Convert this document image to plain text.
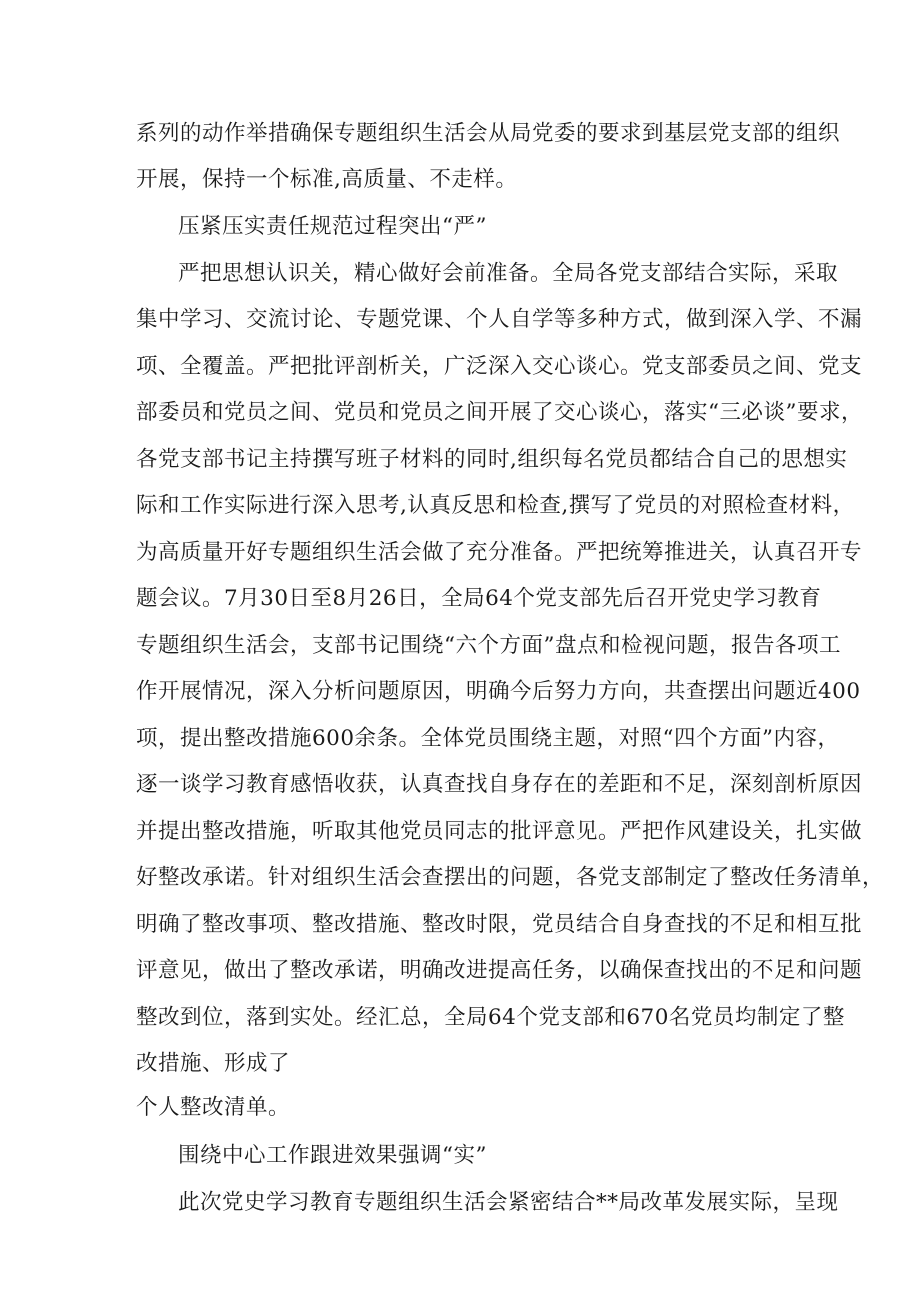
系列的动作举措确保专题组织生活会从局党委的要求到基层党支部的组织
开展，保持一个标准,高质量、不走样。
压紧压实责任规范过程突出“严”
严把思想认识关，精心做好会前准备。全局各党支部结合实际，采取
集中学习、交流讨论、专题党课、个人自学等多种方式，做到深入学、不漏
项、全覆盖。严把批评剖析关，广泛深入交心谈心。党支部委员之间、党支
部委员和党员之间、党员和党员之间开展了交心谈心，落实“三必谈”要求，
各党支部书记主持撰写班子材料的同时,组织每名党员都结合自己的思想实
际和工作实际进行深入思考,认真反思和检查,撰写了党员的对照检查材料，
为高质量开好专题组织生活会做了充分准备。严把统筹推进关，认真召开专
题会议。7月30日至8月26日，全局64个党支部先后召开党史学习教育
专题组织生活会，支部书记围绕“六个方面”盘点和检视问题，报告各项工
作开展情况，深入分析问题原因，明确今后努力方向，共查摆出问题近400
项，提出整改措施600余条。全体党员围绕主题，对照“四个方面”内容，
逐一谈学习教育感悟收获，认真查找自身存在的差距和不足，深刻剖析原因
并提出整改措施，听取其他党员同志的批评意见。严把作风建设关，扎实做
好整改承诺。针对组织生活会查摆出的问题，各党支部制定了整改任务清单，
明确了整改事项、整改措施、整改时限，党员结合自身查找的不足和相互批
评意见，做出了整改承诺，明确改进提高任务，以确保查找出的不足和问题
整改到位，落到实处。经汇总，全局64个党支部和670名党员均制定了整
改措施、形成了
个人整改清单。
围绕中心工作跟进效果强调“实”
此次党史学习教育专题组织生活会紧密结合**局改革发展实际，呈现
